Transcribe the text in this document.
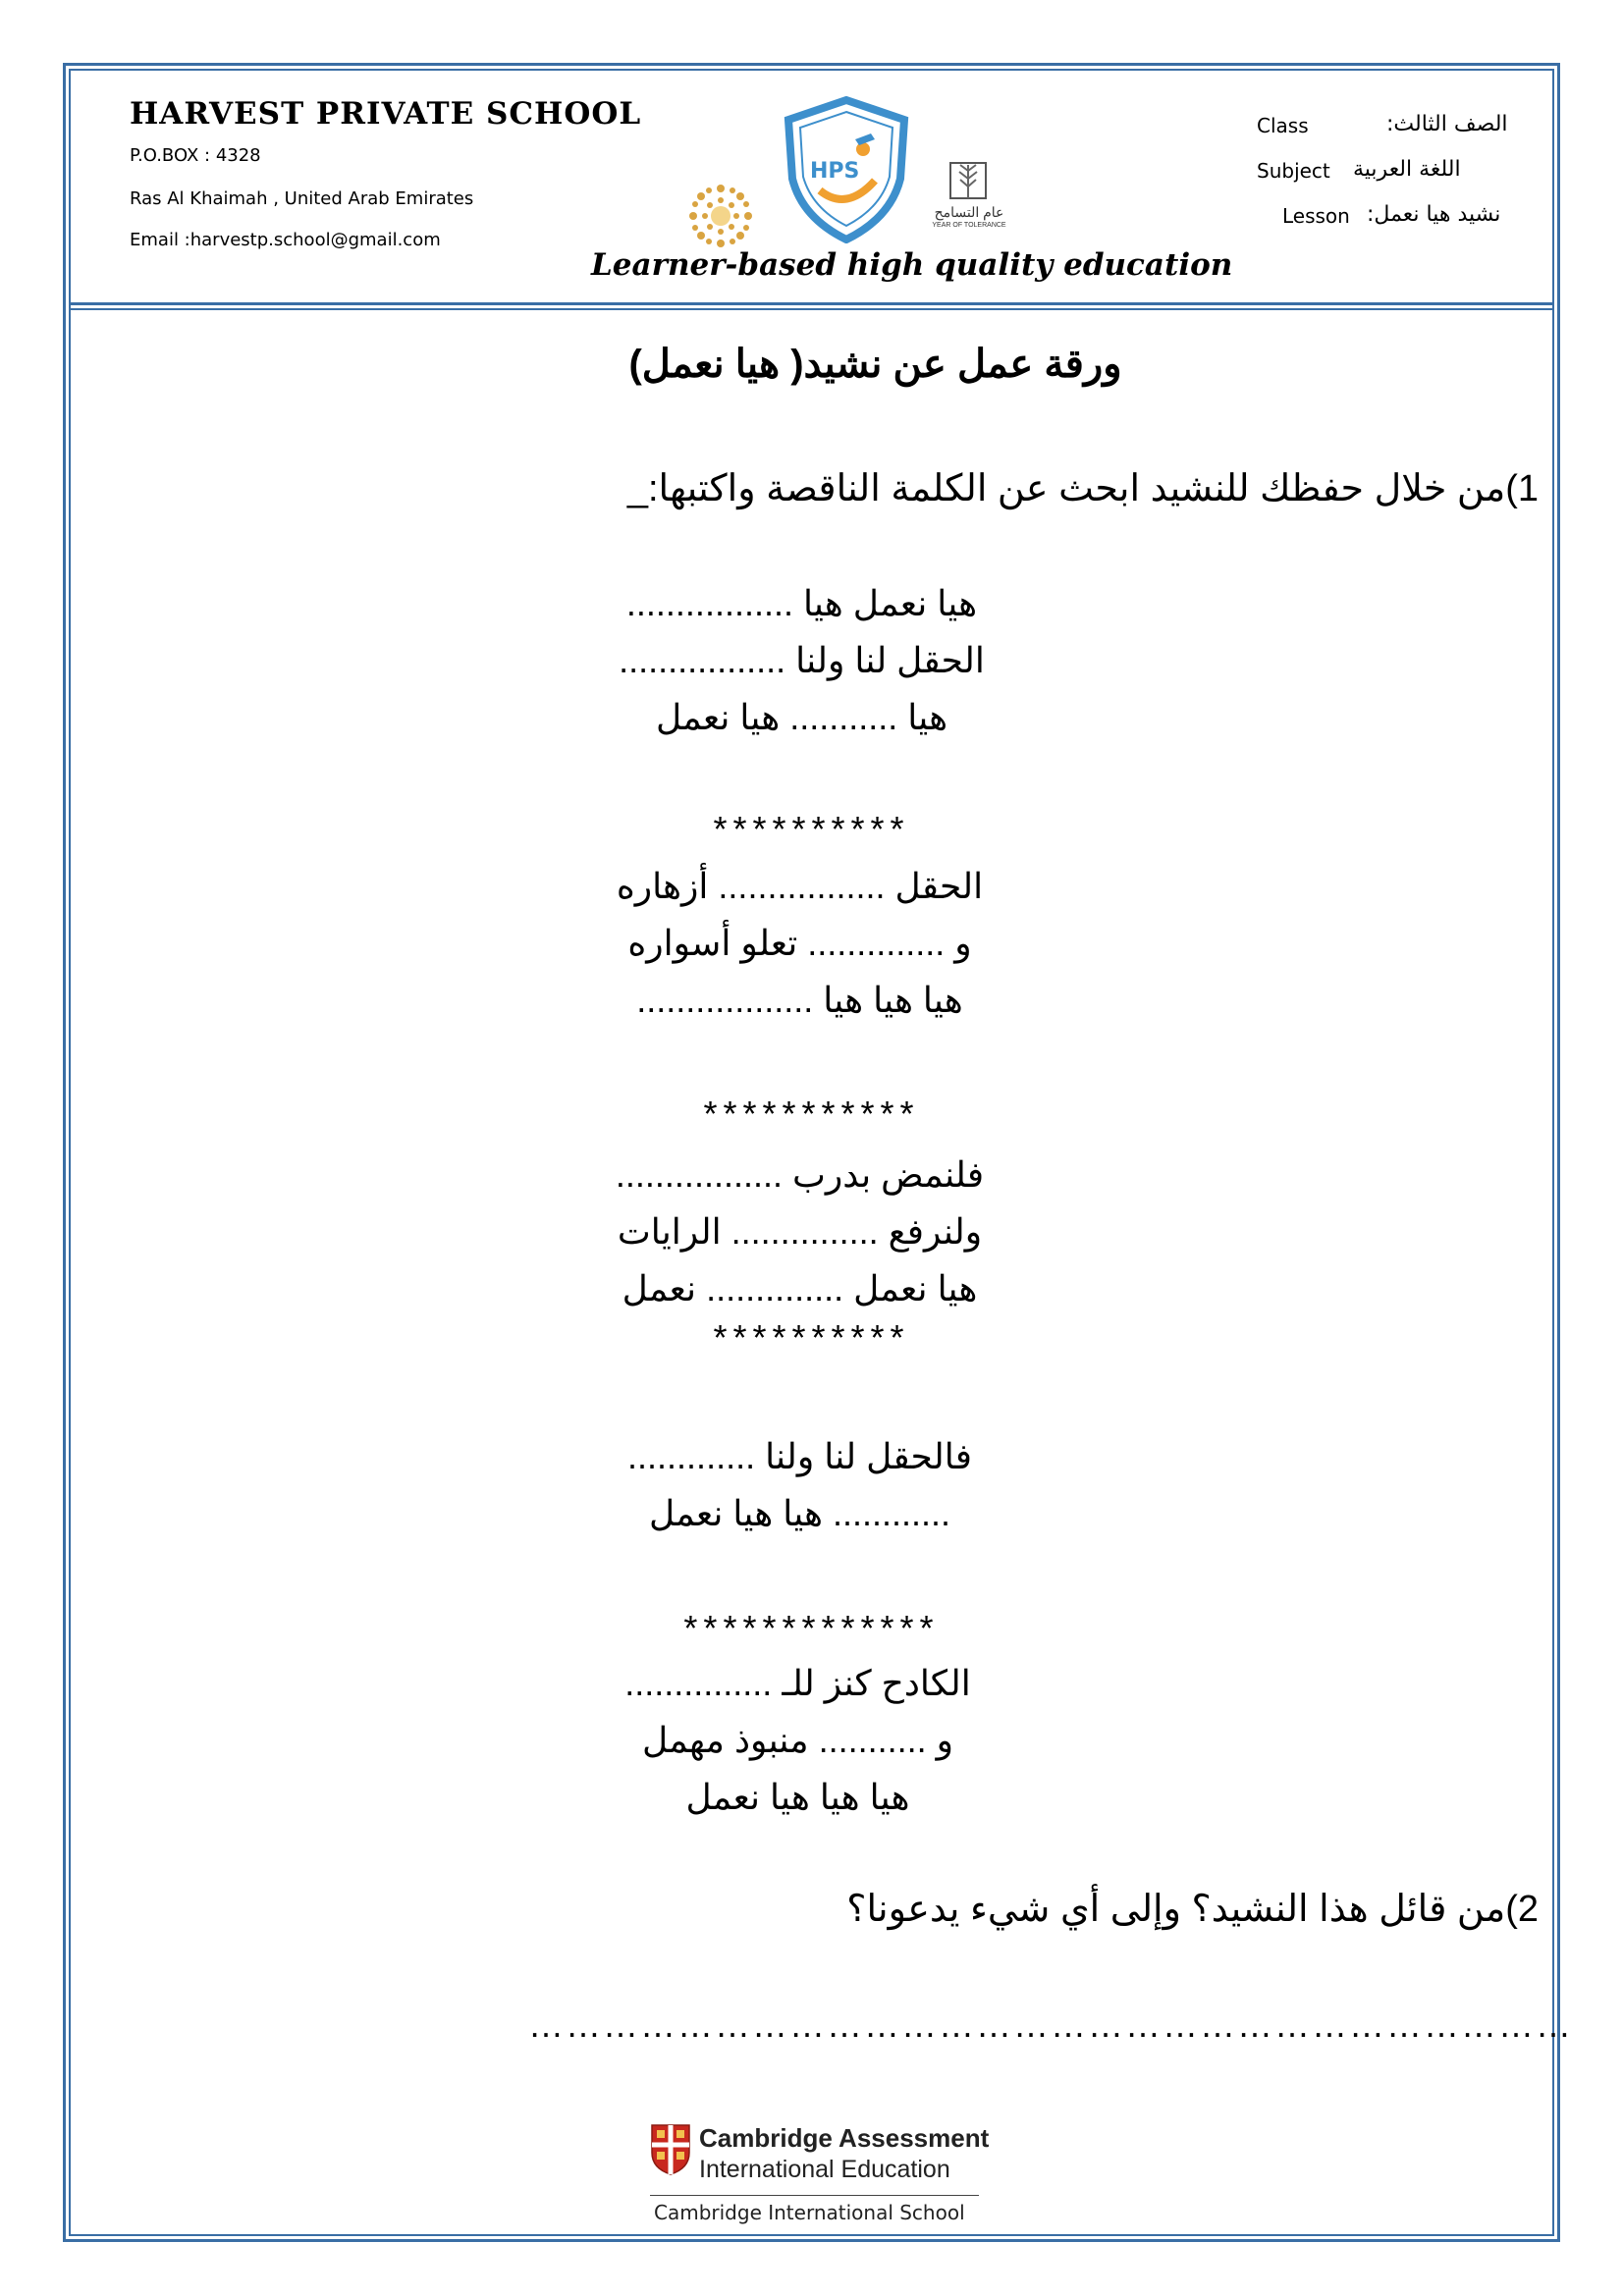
HARVEST PRIVATE SCHOOL
P.O.BOX : 4328
Ras Al Khaimah , United Arab Emirates
Email :harvestp.school@gmail.com
HPS
عام التسامح
YEAR OF TOLERANCE
Learner-based high quality education
Class	الصف الثالث:
Subject اللغة العربية
Lesson نشيد هيا نعمل:
ورقة عمل عن نشيد( هيا نعمل)
1)من خلال حفظك للنشيد ابحث عن الكلمة الناقصة واكتبها:_
هيا نعمل هيا .................
الحقل لنا ولنا .................
هيا ........... هيا نعمل
**********
الحقل ................. أزهاره
و .............. تعلو أسواره
هيا هيا هيا ..................
***********
فلنمض بدرب .................
ولنرفع ............... الرايات
هيا نعمل .............. نعمل
**********
فالحقل لنا ولنا .............
............ هيا هيا نعمل
*************
الكادح كنز للـ ...............
و ........... منبوذ مهمل
هيا هيا هيا نعمل
2)من قائل هذا النشيد؟ وإلى أي شيء يدعونا؟
…………………………………………………………………………
Cambridge Assessment
International Education
Cambridge International School
